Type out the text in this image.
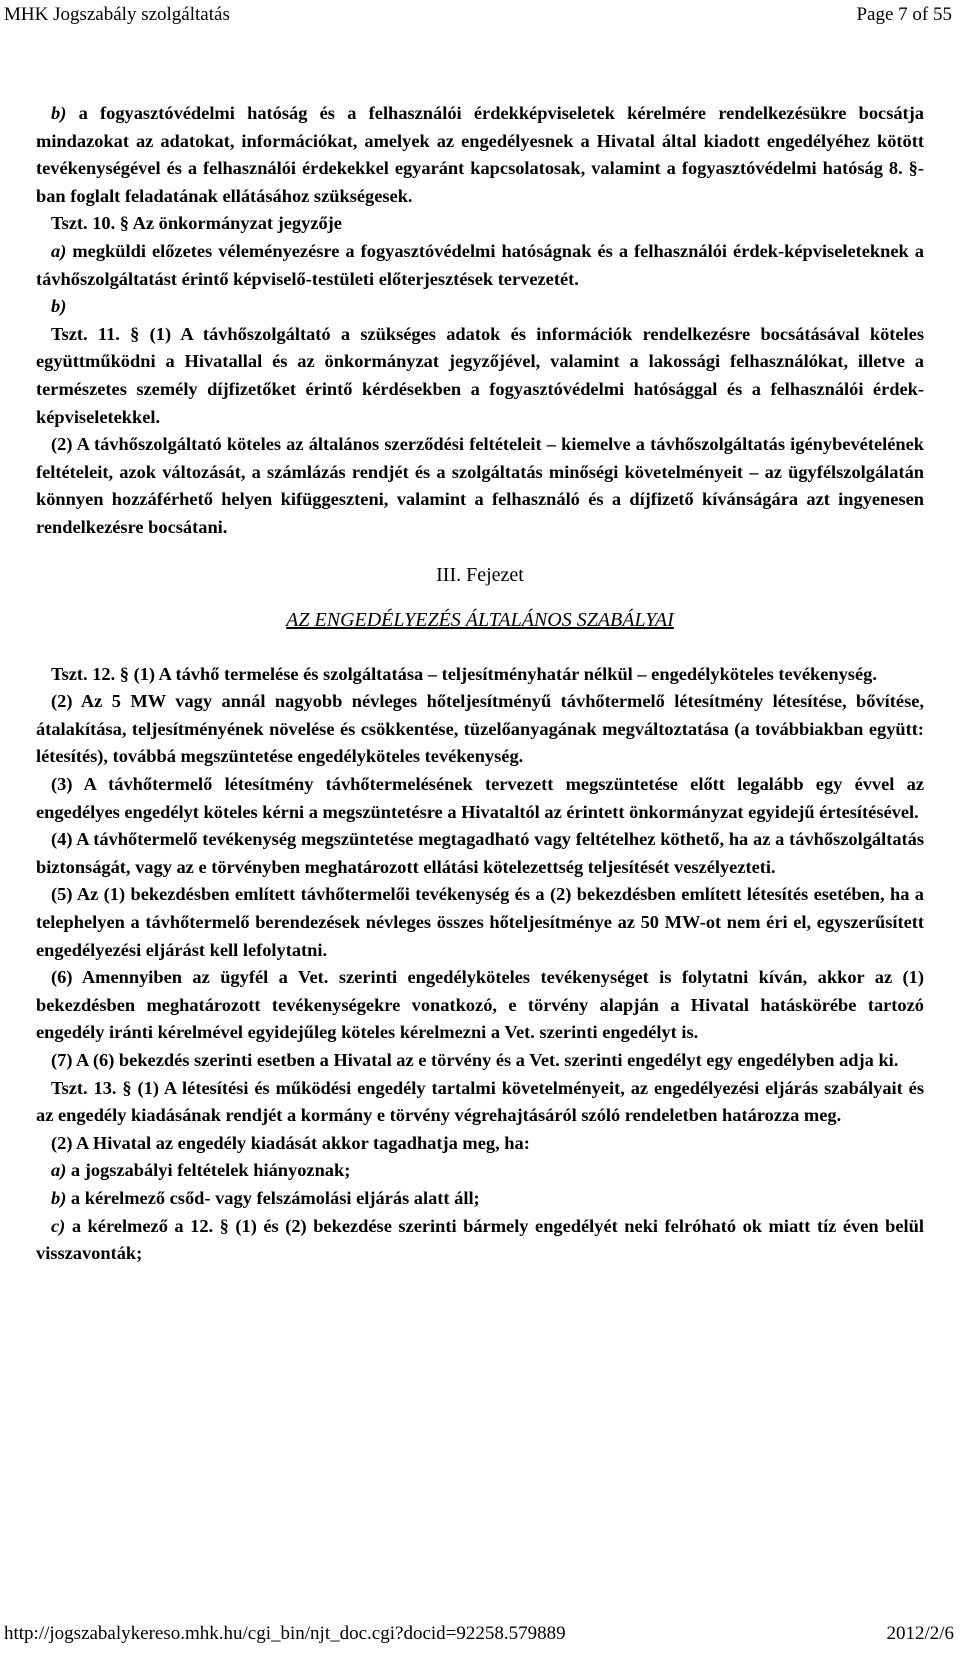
MHK Jogszabály szolgáltatás	Page 7 of 55

b) a fogyasztóvédelmi hatóság és a felhasználói érdekképviseletek kérelmére rendelkezésükre bocsátja mindazokat az adatokat, információkat, amelyek az engedélyesnek a Hivatal által kiadott engedélyéhez kötött tevékenységével és a felhasználói érdekekkel egyaránt kapcsolatosak, valamint a fogyasztóvédelmi hatóság 8. §-ban foglalt feladatának ellátásához szükségesek.

Tszt. 10. § Az önkormányzat jegyzője

a) megküldi előzetes véleményezésre a fogyasztóvédelmi hatóságnak és a felhasználói érdek-képviseleteknek a távhőszolgáltatást érintő képviselő-testületi előterjesztések tervezetét.

b)

Tszt. 11. § (1) A távhőszolgáltató a szükséges adatok és információk rendelkezésre bocsátásával köteles együttműködni a Hivatallal és az önkormányzat jegyzőjével, valamint a lakossági felhasználókat, illetve a természetes személy díjfizetőket érintő kérdésekben a fogyasztóvédelmi hatósággal és a felhasználói érdek-képviseletekkel.

(2) A távhőszolgáltató köteles az általános szerződési feltételeit – kiemelve a távhőszolgáltatás igénybevételének feltételeit, azok változását, a számlázás rendjét és a szolgáltatás minőségi követelményeit – az ügyfélszolgálatán könnyen hozzáférhető helyen kifüggeszteni, valamint a felhasználó és a díjfizető kívánságára azt ingyenesen rendelkezésre bocsátani.

III. Fejezet

AZ ENGEDÉLYEZÉS ÁLTALÁNOS SZABÁLYAI

Tszt. 12. § (1) A távhő termelése és szolgáltatása – teljesítményhatár nélkül – engedélyköteles tevékenység.

(2) Az 5 MW vagy annál nagyobb névleges hőteljesítményű távhőtermelő létesítmény létesítése, bővítése, átalakítása, teljesítményének növelése és csökkentése, tüzelőanyagának megváltoztatása (a továbbiakban együtt: létesítés), továbbá megszüntetése engedélyköteles tevékenység.

(3) A távhőtermelő létesítmény távhőtermelésének tervezett megszüntetése előtt legalább egy évvel az engedélyes engedélyt köteles kérni a megszüntetésre a Hivataltól az érintett önkormányzat egyidejű értesítésével.

(4) A távhőtermelő tevékenység megszüntetése megtagadható vagy feltételhez köthető, ha az a távhőszolgáltatás biztonságát, vagy az e törvényben meghatározott ellátási kötelezettség teljesítését veszélyezteti.

(5) Az (1) bekezdésben említett távhőtermelői tevékenység és a (2) bekezdésben említett létesítés esetében, ha a telephelyen a távhőtermelő berendezések névleges összes hőteljesítménye az 50 MW-ot nem éri el, egyszerűsített engedélyezési eljárást kell lefolytatni.

(6) Amennyiben az ügyfél a Vet. szerinti engedélyköteles tevékenységet is folytatni kíván, akkor az (1) bekezdésben meghatározott tevékenységekre vonatkozó, e törvény alapján a Hivatal hatáskörébe tartozó engedély iránti kérelmével egyidejűleg köteles kérelmezni a Vet. szerinti engedélyt is.

(7) A (6) bekezdés szerinti esetben a Hivatal az e törvény és a Vet. szerinti engedélyt egy engedélyben adja ki.

Tszt. 13. § (1) A létesítési és működési engedély tartalmi követelményeit, az engedélyezési eljárás szabályait és az engedély kiadásának rendjét a kormány e törvény végrehajtásáról szóló rendeletben határozza meg.

(2) A Hivatal az engedély kiadását akkor tagadhatja meg, ha:

a) a jogszabályi feltételek hiányoznak;

b) a kérelmező csőd- vagy felszámolási eljárás alatt áll;

c) a kérelmező a 12. § (1) és (2) bekezdése szerinti bármely engedélyét neki felróható ok miatt tíz éven belül visszavonták;

http://jogszabalykereso.mhk.hu/cgi_bin/njt_doc.cgi?docid=92258.579889	2012/2/6
